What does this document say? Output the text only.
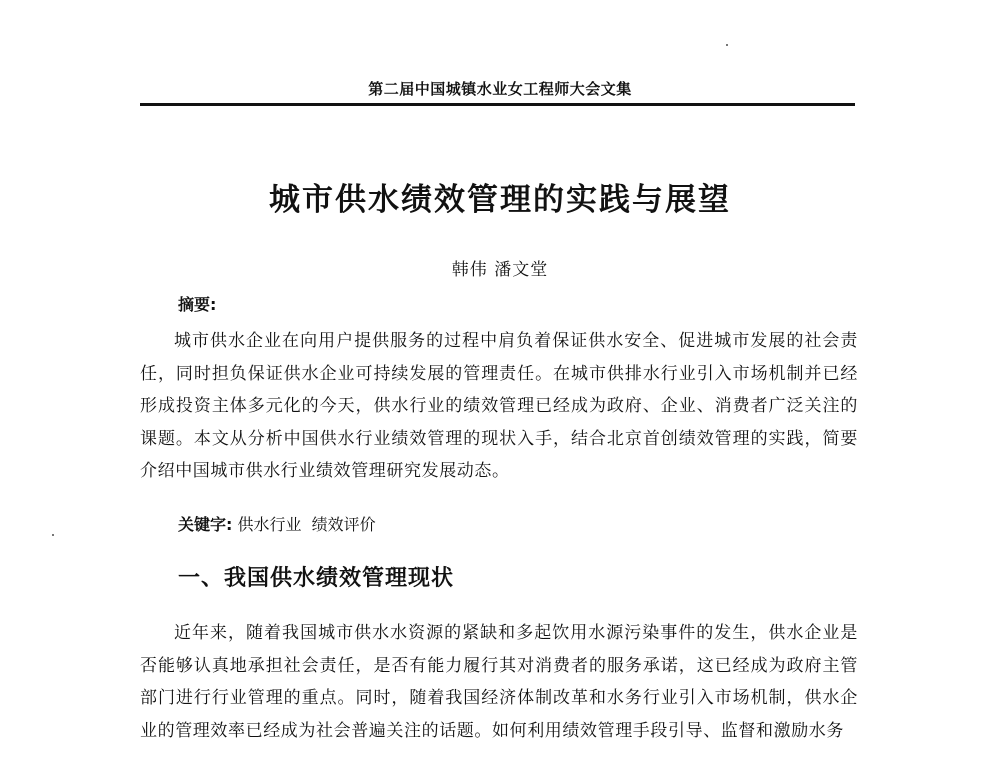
第二届中国城镇水业女工程师大会文集
城市供水绩效管理的实践与展望
韩伟 潘文堂
摘要:

城市供水企业在向用户提供服务的过程中肩负着保证供水安全、促进城市发展的社会责任，同时担负保证供水企业可持续发展的管理责任。在城市供排水行业引入市场机制并已经形成投资主体多元化的今天，供水行业的绩效管理已经成为政府、企业、消费者广泛关注的课题。本文从分析中国供水行业绩效管理的现状入手，结合北京首创绩效管理的实践，简要介绍中国城市供水行业绩效管理研究发展动态。

关键字: 供水行业  绩效评价
一、我国供水绩效管理现状

近年来，随着我国城市供水水资源的紧缺和多起饮用水源污染事件的发生，供水企业是否能够认真地承担社会责任，是否有能力履行其对消费者的服务承诺，这已经成为政府主管部门进行行业管理的重点。同时，随着我国经济体制改革和水务行业引入市场机制，供水企业的管理效率已经成为社会普遍关注的话题。如何利用绩效管理手段引导、监督和激励水务
